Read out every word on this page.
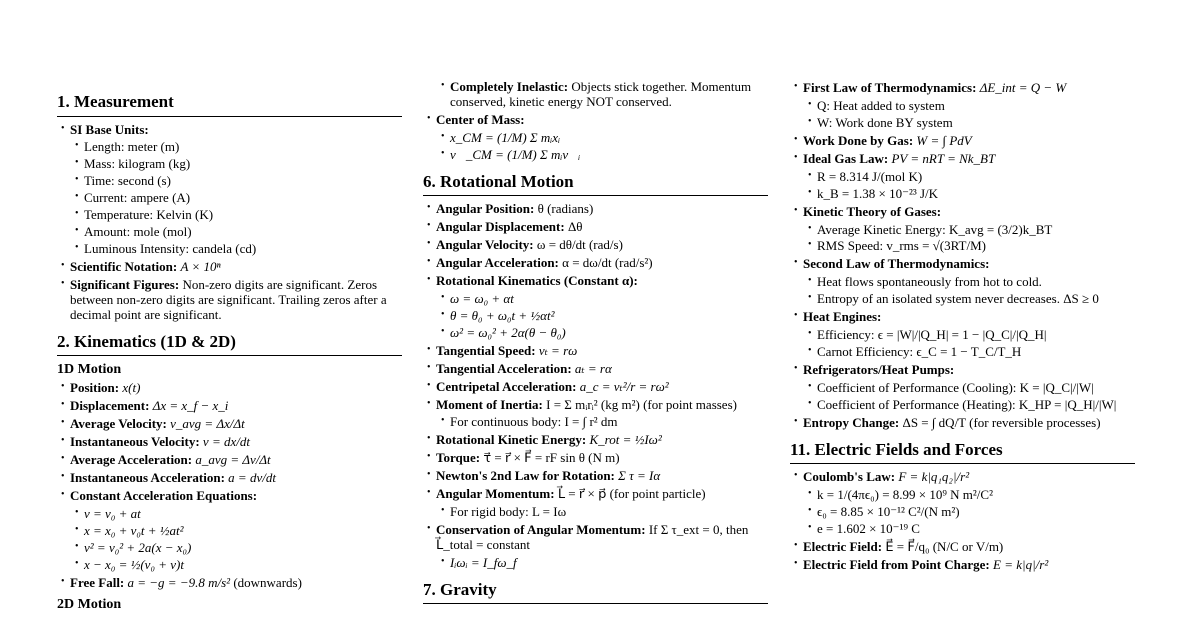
1. Measurement
• SI Base Units:
• Length: meter (m)
• Mass: kilogram (kg)
• Time: second (s)
• Current: ampere (A)
• Temperature: Kelvin (K)
• Amount: mole (mol)
• Luminous Intensity: candela (cd)
• Scientific Notation: A × 10ⁿ
• Significant Figures: Non-zero digits are significant. Zeros between non-zero digits are significant. Trailing zeros after a decimal point are significant.
2. Kinematics (1D & 2D)
1D Motion
• Position: x(t)
• Displacement: Δx = x_f − x_i
• Average Velocity: v_avg = Δx/Δt
• Instantaneous Velocity: v = dx/dt
• Average Acceleration: a_avg = Δv/Δt
• Instantaneous Acceleration: a = dv/dt
• Constant Acceleration Equations:
• v = v₀ + at
• x = x₀ + v₀t + ½at²
• v² = v₀² + 2a(x − x₀)
• x − x₀ = ½(v₀ + v)t
• Free Fall: a = −g = −9.8 m/s² (downwards)
2D Motion
• Completely Inelastic: Objects stick together. Momentum conserved, kinetic energy NOT conserved.
• Center of Mass:
• x_CM = (1/M) Σ mᵢxᵢ
• v⃗_CM = (1/M) Σ mᵢv⃗ᵢ
6. Rotational Motion
• Angular Position: θ (radians)
• Angular Displacement: Δθ
• Angular Velocity: ω = dθ/dt (rad/s)
• Angular Acceleration: α = dω/dt (rad/s²)
• Rotational Kinematics (Constant α):
• ω = ω₀ + αt
• θ = θ₀ + ω₀t + ½αt²
• ω² = ω₀² + 2α(θ − θ₀)
• Tangential Speed: vₜ = rω
• Tangential Acceleration: aₜ = rα
• Centripetal Acceleration: a_c = vₜ²/r = rω²
• Moment of Inertia: I = Σ mᵢrᵢ² (kg m²) (for point masses)
• For continuous body: I = ∫ r² dm
• Rotational Kinetic Energy: K_rot = ½Iω²
• Torque: τ⃗ = r⃗ × F⃗ = rF sin θ (N m)
• Newton's 2nd Law for Rotation: Σ τ = Iα
• Angular Momentum: L⃗ = r⃗ × p⃗ (for point particle)
• For rigid body: L = Iω
• Conservation of Angular Momentum: If Σ τ_ext = 0, then L⃗_total = constant
• Iᵢωᵢ = I_fω_f
7. Gravity
• First Law of Thermodynamics: ΔE_int = Q − W
• Q: Heat added to system
• W: Work done BY system
• Work Done by Gas: W = ∫ PdV
• Ideal Gas Law: PV = nRT = Nk_BT
• R = 8.314 J/(mol K)
• k_B = 1.38 × 10⁻²³ J/K
• Kinetic Theory of Gases:
• Average Kinetic Energy: K_avg = (3/2)k_BT
• RMS Speed: v_rms = √(3RT/M)
• Second Law of Thermodynamics:
• Heat flows spontaneously from hot to cold.
• Entropy of an isolated system never decreases. ΔS ≥ 0
• Heat Engines:
• Efficiency: ϵ = |W|/|Q_H| = 1 − |Q_C|/|Q_H|
• Carnot Efficiency: ϵ_C = 1 − T_C/T_H
• Refrigerators/Heat Pumps:
• Coefficient of Performance (Cooling): K = |Q_C|/|W|
• Coefficient of Performance (Heating): K_HP = |Q_H|/|W|
• Entropy Change: ΔS = ∫ dQ/T (for reversible processes)
11. Electric Fields and Forces
• Coulomb's Law: F = k|q₁q₂|/r²
• k = 1/(4πϵ₀) = 8.99 × 10⁹ N m²/C²
• ϵ₀ = 8.85 × 10⁻¹² C²/(N m²)
• e = 1.602 × 10⁻¹⁹ C
• Electric Field: E⃗ = F⃗/q₀ (N/C or V/m)
• Electric Field from Point Charge: E = k|q|/r²
